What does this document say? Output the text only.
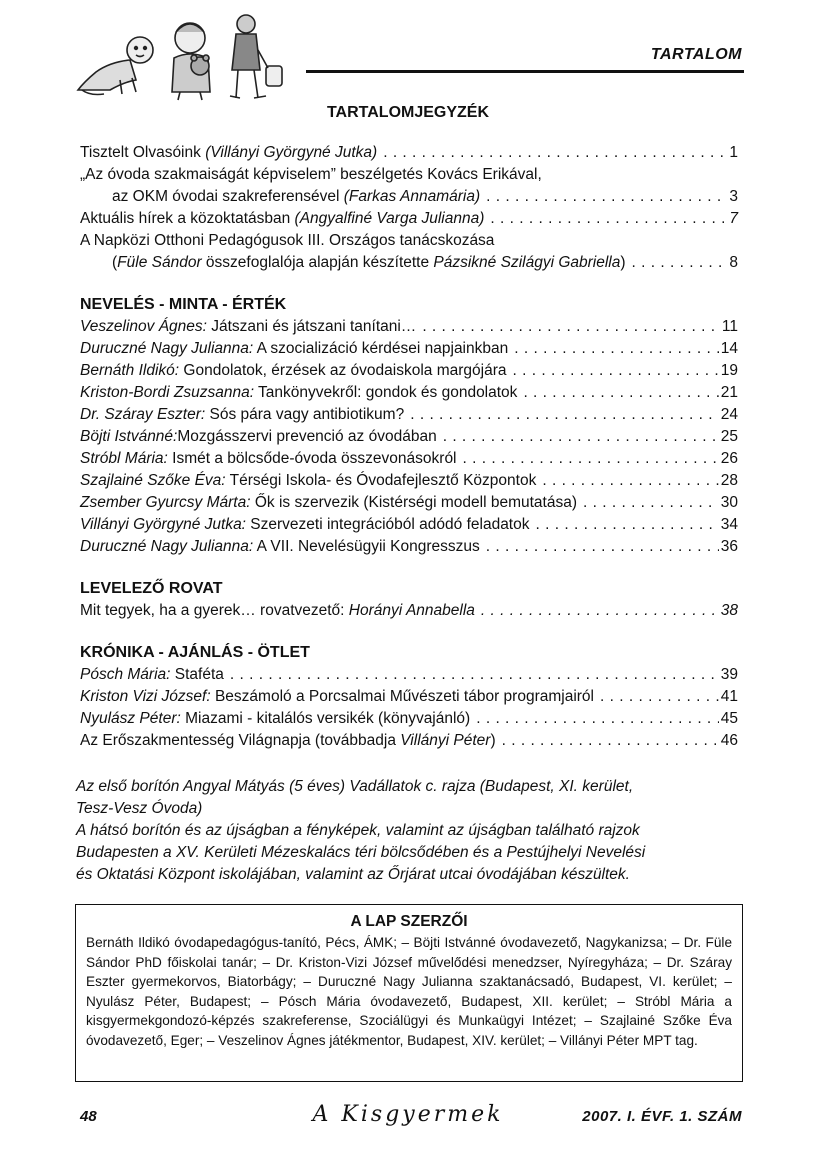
TARTALOM
TARTALOMJEGYZÉK
Tisztelt Olvasóink (Villányi Györgyné Jutka) . . .	1
„Az óvoda szakmaiságát képviselem” beszélgetés Kovács Erikával,
az OKM óvodai szakreferensével (Farkas Annamária) . . .	3
Aktuális hírek a közoktatásban (Angyalfiné Varga Julianna) . . .	7
A Napközi Otthoni Pedagógusok III. Országos tanácskozása
(Füle Sándor összefoglalója alapján készítette Pázsikné Szilágyi Gabriella) . . .	8
NEVELÉS - MINTA - ÉRTÉK
Veszelinov Ágnes: Játszani és játszani tanítani… . . .	11
Duruczné Nagy Julianna: A szocializáció kérdései napjainkban . . .	14
Bernáth Ildikó: Gondolatok, érzések az óvodaiskola margójára . . .	19
Kriston-Bordi Zsuzsanna: Tankönyvekről: gondok és gondolatok . . .	21
Dr. Száray Eszter: Sós pára vagy antibiotikum? . . .	24
Böjti Istvánné:Mozgásszervi prevenció az óvodában . . .	25
Stróbl Mária: Ismét a bölcsőde-óvoda összevonásokról . . .	26
Szajlainé Szőke Éva: Térségi Iskola- és Óvodafejlesztő Központok . . .	28
Zsember Gyurcsy Márta: Ők is szervezik (Kistérségi modell bemutatása) . . .	30
Villányi Györgyné Jutka: Szervezeti integrációból adódó feladatok . . .	34
Duruczné Nagy Julianna: A VII. Nevelésügyii Kongresszus . . .	36
LEVELEZŐ ROVAT
Mit tegyek, ha a gyerek… rovatvezető: Horányi Annabella . . .	38
KRÓNIKA - AJÁNLÁS - ÖTLET
Pósch Mária: Staféta . . .	39
Kriston Vizi József: Beszámoló a Porcsalmai Művészeti tábor programjairól . . .	41
Nyulász Péter: Miazami - kitalálós versikék (könyvajánló) . . .	45
Az Erőszakmentesség Világnapja (továbbadja Villányi Péter) . . .	46
Az első borítón Angyal Mátyás (5 éves) Vadállatok c. rajza (Budapest, XI. kerület,
Tesz-Vesz Óvoda)
A hátsó borítón és az újságban a fényképek, valamint az újságban található rajzok
Budapesten a XV. Kerületi Mézeskalács téri bölcsődében és a Pestújhelyi Nevelési
és Oktatási Központ iskolájában, valamint az Őrjárat utcai óvodájában készültek.
A LAP SZERZŐI
Bernáth Ildikó óvodapedagógus-tanító, Pécs, ÁMK; – Böjti Istvánné óvodavezető, Nagykanizsa; – Dr. Füle Sándor PhD főiskolai tanár; – Dr. Kriston-Vizi József művelődési menedzser, Nyíregyháza; – Dr. Száray Eszter gyermekorvos, Biatorbágy; – Duruczné Nagy Julianna szaktanácsadó, Budapest, VI. kerület; – Nyulász Péter, Budapest; – Pósch Mária óvodavezető, Budapest, XII. kerület; – Stróbl Mária a kisgyermekgondozó-képzés szakreferense, Szociálügyi és Munkaügyi Intézet; – Szajlainé Szőke Éva óvodavezető, Eger; – Veszelinov Ágnes játékmentor, Budapest, XIV. kerület; – Villányi Péter MPT tag.
48	A Kisgyermek	2007. I. ÉVF. 1. SZÁM
